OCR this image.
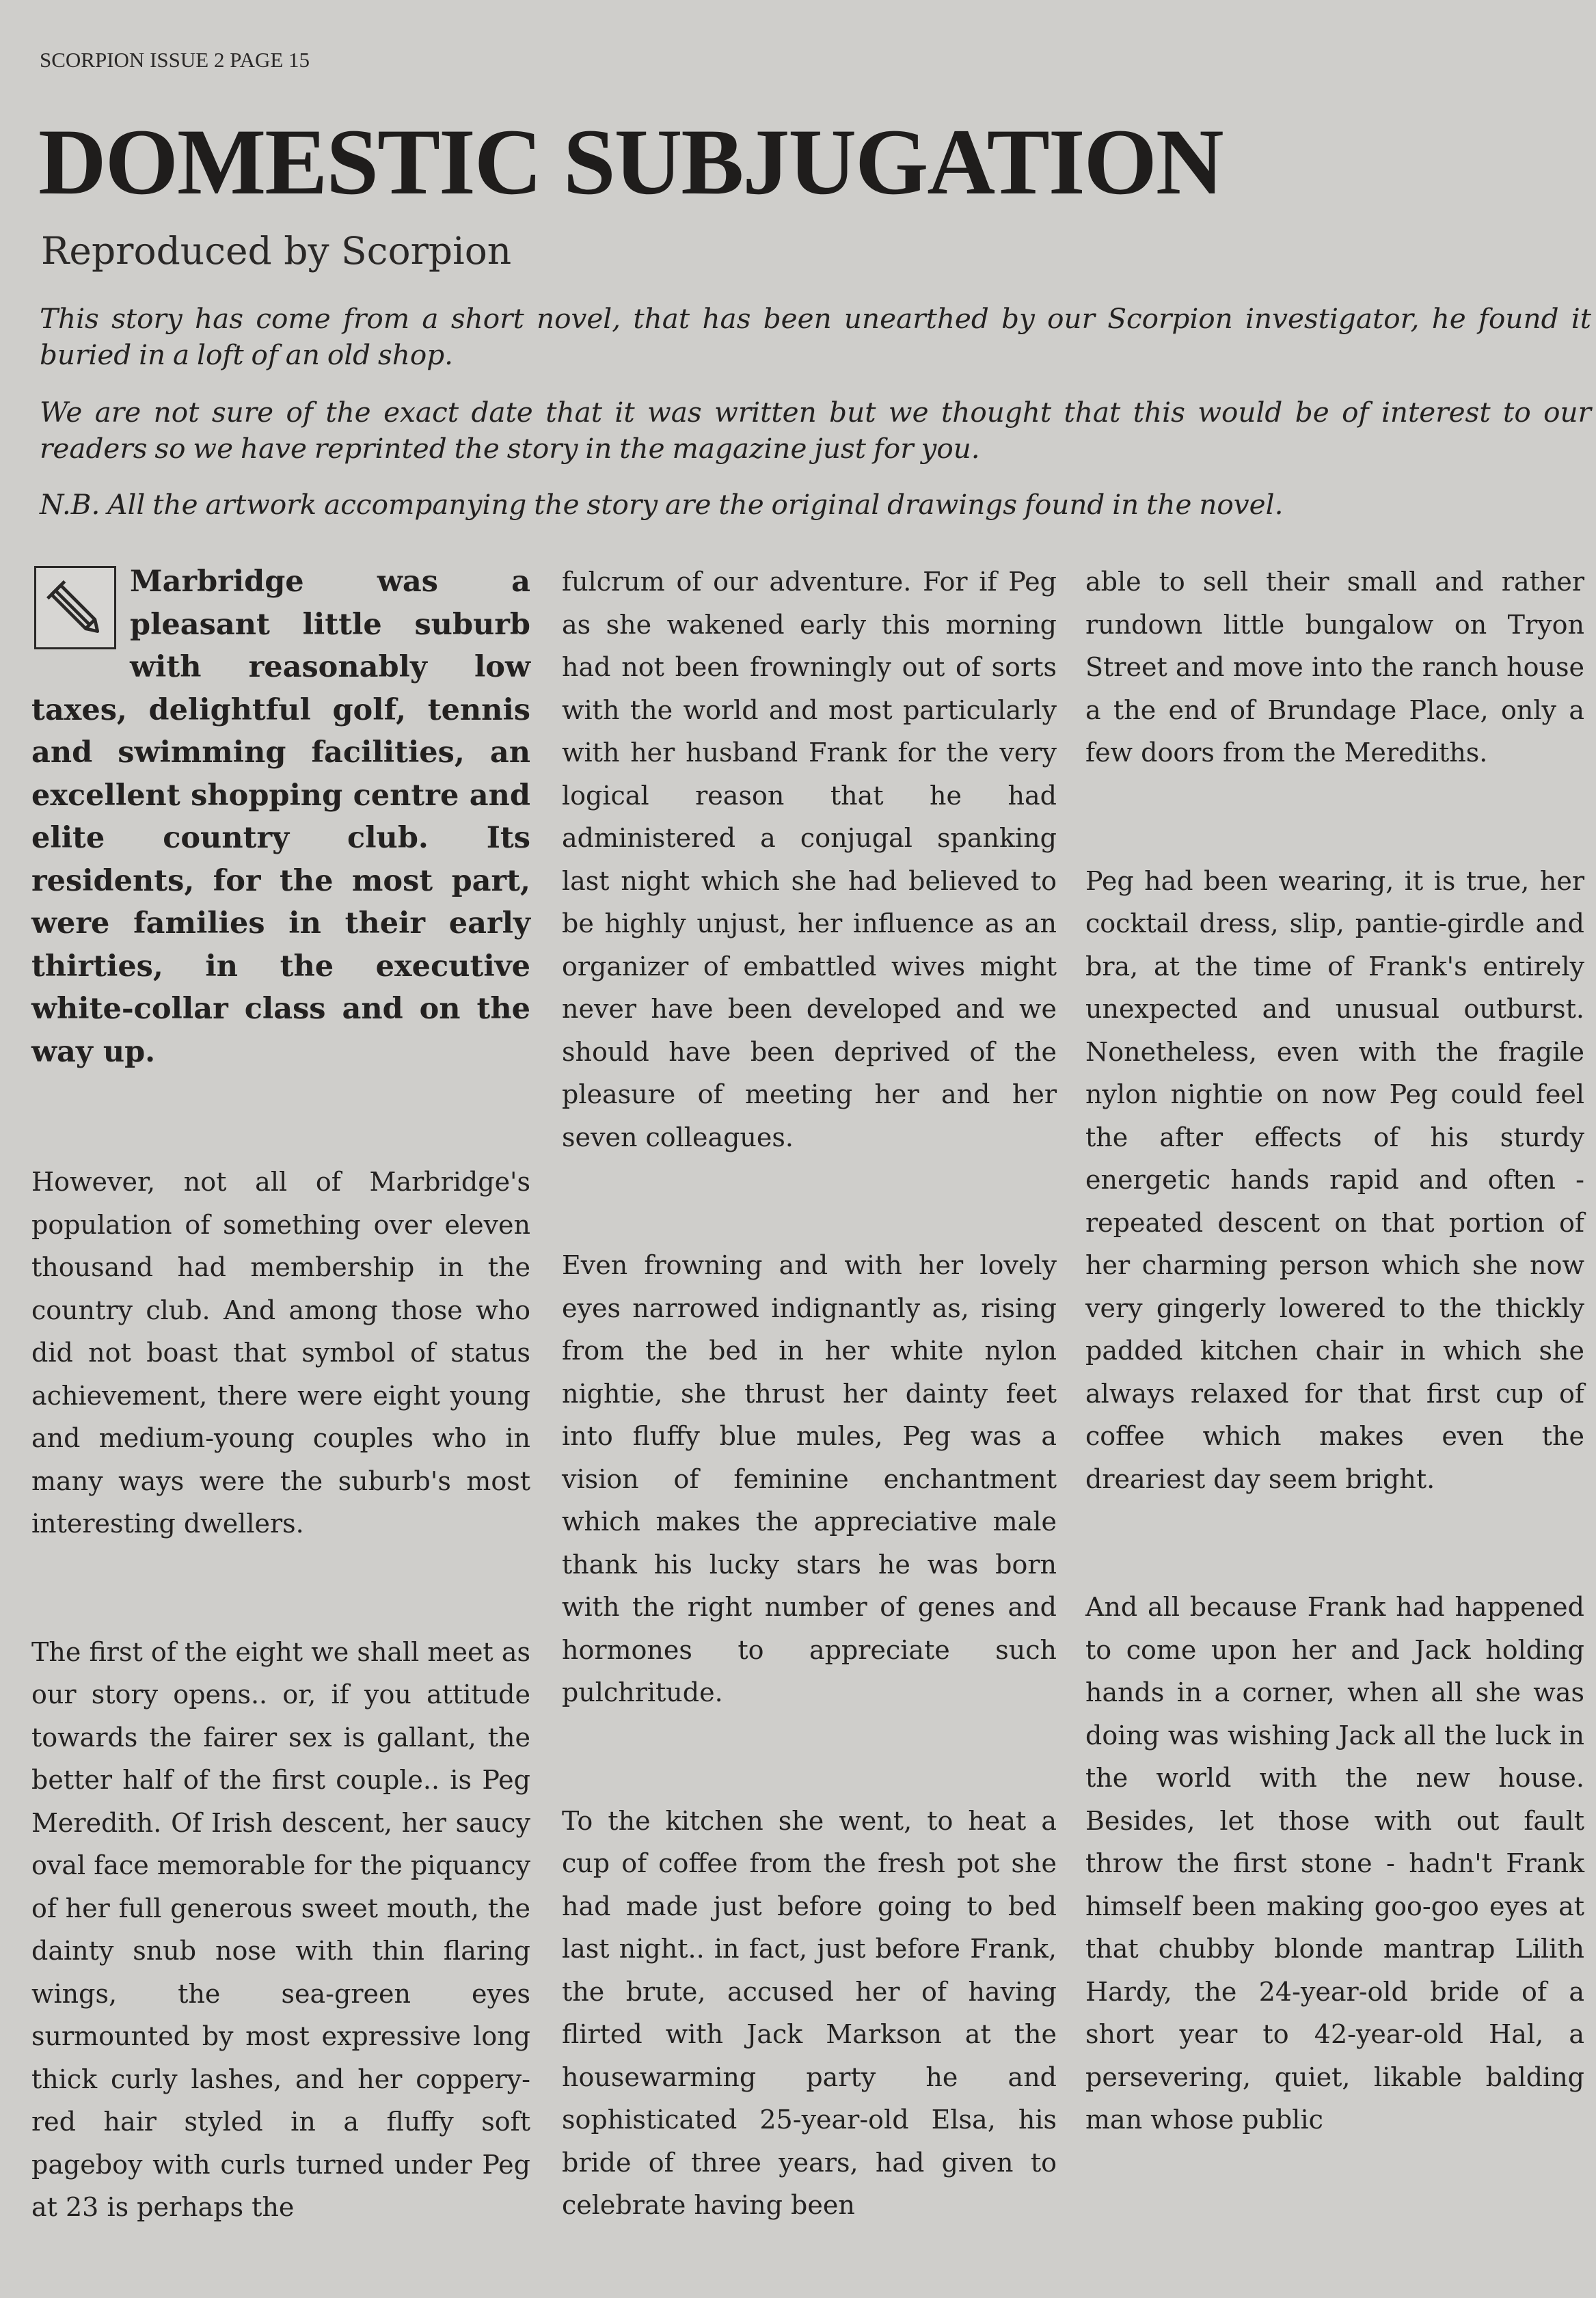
SCORPION ISSUE 2 PAGE 15
DOMESTIC SUBJUGATION
Reproduced by Scorpion
This story has come from a short novel, that has been unearthed by our Scorpion investigator, he found it buried in a loft of an old shop.
We are not sure of the exact date that it was written but we thought that this would be of interest to our readers so we have reprinted the story in the magazine just for you.
N.B. All the artwork accompanying the story are the original drawings found in the novel.

Marbridge was a pleasant little suburb with reasonably low taxes, delightful golf, tennis and swimming facilities, an excellent shopping centre and elite country club. Its residents, for the most part, were families in their early thirties, in the executive white-collar class and on the way up.

However, not all of Marbridge's population of something over eleven thousand had membership in the country club. And among those who did not boast that symbol of status achievement, there were eight young and medium-young couples who in many ways were the suburb's most interesting dwellers.

The first of the eight we shall meet as our story opens.. or, if you attitude towards the fairer sex is gallant, the better half of the first couple.. is Peg Meredith. Of Irish descent, her saucy oval face memorable for the piquancy of her full generous sweet mouth, the dainty snub nose with thin flaring wings, the sea-green eyes surmounted by most expressive long thick curly lashes, and her coppery-red hair styled in a fluffy soft pageboy with curls turned under Peg at 23 is perhaps the

fulcrum of our adventure. For if Peg as she wakened early this morning had not been frowningly out of sorts with the world and most particularly with her husband Frank for the very logical reason that he had administered a conjugal spanking last night which she had believed to be highly unjust, her influence as an organizer of embattled wives might never have been developed and we should have been deprived of the pleasure of meeting her and her seven colleagues.

Even frowning and with her lovely eyes narrowed indignantly as, rising from the bed in her white nylon nightie, she thrust her dainty feet into fluffy blue mules, Peg was a vision of feminine enchantment which makes the appreciative male thank his lucky stars he was born with the right number of genes and hormones to appreciate such pulchritude.

To the kitchen she went, to heat a cup of coffee from the fresh pot she had made just before going to bed last night.. in fact, just before Frank, the brute, accused her of having flirted with Jack Markson at the housewarming party he and sophisticated 25-year-old Elsa, his bride of three years, had given to celebrate having been

able to sell their small and rather rundown little bungalow on Tryon Street and move into the ranch house a the end of Brundage Place, only a few doors from the Merediths.

Peg had been wearing, it is true, her cocktail dress, slip, pantie-girdle and bra, at the time of Frank's entirely unexpected and unusual outburst. Nonetheless, even with the fragile nylon nightie on now Peg could feel the after effects of his sturdy energetic hands rapid and often - repeated descent on that portion of her charming person which she now very gingerly lowered to the thickly padded kitchen chair in which she always relaxed for that first cup of coffee which makes even the dreariest day seem bright.

And all because Frank had happened to come upon her and Jack holding hands in a corner, when all she was doing was wishing Jack all the luck in the world with the new house. Besides, let those with out fault throw the first stone - hadn't Frank himself been making goo-goo eyes at that chubby blonde mantrap Lilith Hardy, the 24-year-old bride of a short year to 42-year-old Hal, a persevering, quiet, likable balding man whose public
